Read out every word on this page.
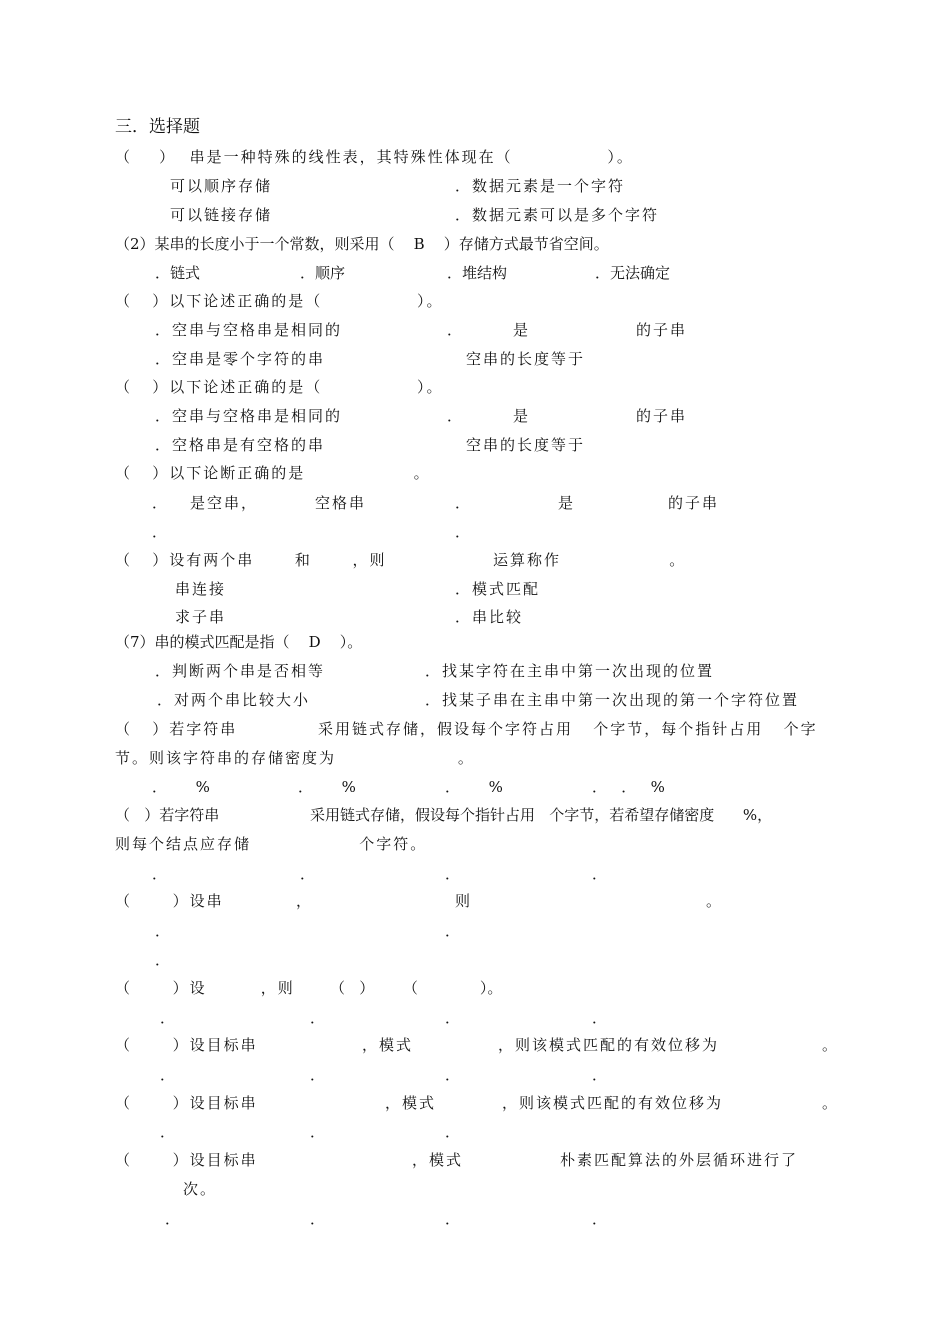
三．选择题
（    ）  串是一种特殊的线性表，其特殊性体现在（              ）。
可以顺序存储	．数据元素是一个字符
可以链接存储	．数据元素可以是多个字符
（2）某串的长度小于一个常数，则采用（    B    ）存储方式最节省空间。
．链式	．顺序	．堆结构	．无法确定
（   ）以下论述正确的是（              ）。
．空串与空格串是相同的	．	是	的子串
．空串是零个字符的串	空串的长度等于
（   ）以下论述正确的是（              ）。
．空串与空格串是相同的	．	是	的子串
．空格串是有空格的串	空串的长度等于
（   ）以下论断正确的是                。
． 是空串，	空格串	．	是	的子串
．	．
（   ）设有两个串      和      ，则	运算称作                。
串连接	．模式匹配
求子串	．串比较
（7）串的模式匹配是指（    D    ）。
．判断两个串是否相等	．找某字符在主串中第一次出现的位置
．对两个串比较大小	．找某子串在主串中第一次出现的第一个字符位置
（   ）若字符串	采用链式存储，假设每个字符占用   个字节，每个指针占用   个字
节。则该字符串的存储密度为                  。
．      %	．      %	．      %	．   ．   %
（   ）若字符串	采用链式存储，假设每个指针占用   个字节，若希望存储密度      %，
则每个结点应存储                个字符。
．	．	．	．
（      ）设串	，	则	。
．	．
．
（      ）设        ，则 （   ）      （             ）。
．	．	．	．
（      ）设目标串	，模式	，则该模式匹配的有效位移为	。
．	．	．	．
（      ）设目标串	，模式	，则该模式匹配的有效位移为	。
．	．	．
（      ）设目标串	，模式	朴素匹配算法的外层循环进行了
次。
．	．	．	．
